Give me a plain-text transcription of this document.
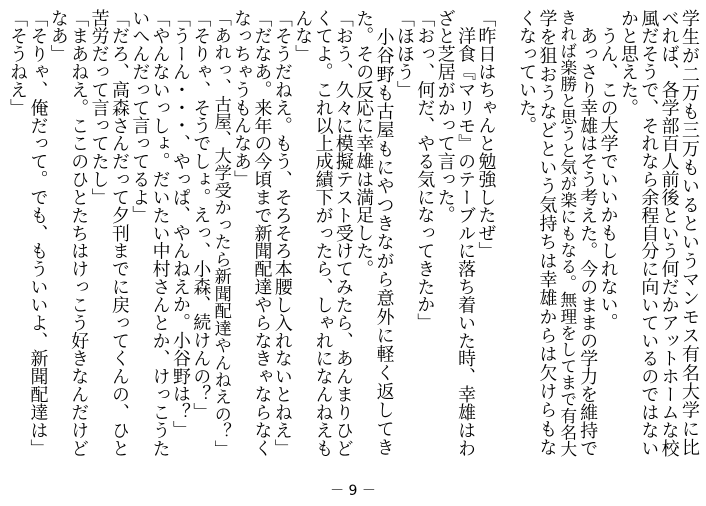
学生が二万も三万もいるというマンモス有名大学に比
べれば、各学部百人前後という何だかアットホームな校
風だそうで、それなら余程自分に向いているのではない
かと思えた。
　うん、この大学でいいかもしれない。
　あっさり幸雄はそう考えた。今のままの学力を維持で
きれば楽勝と思うと気が楽にもなる。無理をしてまで有名大
学を狙おうなどという気持ちは幸雄からは欠けらもな
くなっていた。
「昨日はちゃんと勉強したぜ」
　洋食『マリモ』のテーブルに落ち着いた時、幸雄はわ
ざと芝居がかって言った。
「おっ、何だ、やる気になってきたか」
「ほほう」
　小谷野も古屋もにやつきながら意外に軽く返してき
た。その反応に幸雄は満足した。
「おう、久々に模擬テスト受けてみたら、あんまりひど
くてよ。これ以上成績下がったら、しゃれになんねえも
んな」
「そうだねえ。もう、そろそろ本腰し入れないとねえ」
「だなあ。来年の今頃まで新聞配達やらなきゃならなく
なっちゃうもんなあ」
「あれっ、古屋、大学受かったら新聞配達やんねえの？」
「そりゃ、そうでしょ。えっ、小森、続けんの？」
「うーん・・・、やっぱ、やんねえか。小谷野は？」
「やんないっしょ。だいたい中村さんとか、けっこうた
いへんだって言ってるよ」
「だろ、高森さんだって夕刊までに戻ってくんの、ひと
苦労だって言ってたし」
「まあねえ。ここのひとたちはけっこう好きなんだけど
なあ」
「そりゃ、俺だって。でも、もういいよ、新聞配達は」
「そうねえ」
－ 9 －
